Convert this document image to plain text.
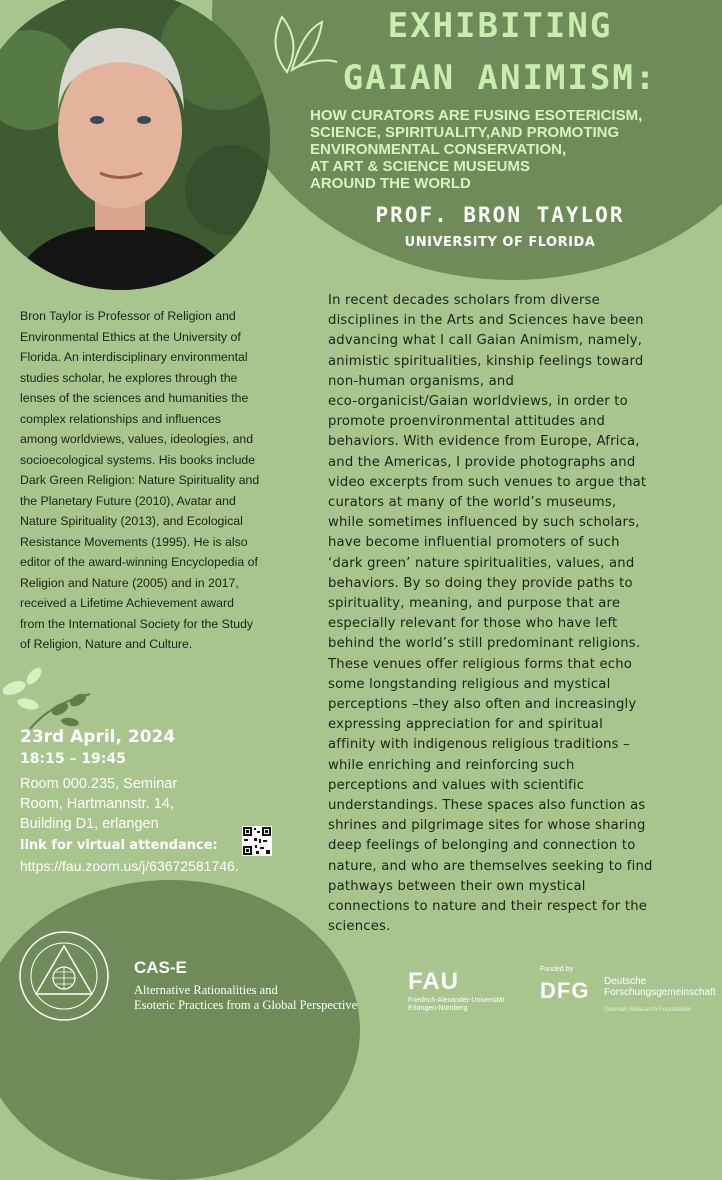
EXHIBITING
GAIAN ANIMISM:
HOW CURATORS ARE FUSING ESOTERICISM,
SCIENCE, SPIRITUALITY,AND PROMOTING
ENVIRONMENTAL CONSERVATION,
AT ART & SCIENCE MUSEUMS
AROUND THE WORLD
PROF. BRON TAYLOR
UNIVERSITY OF FLORIDA
Bron Taylor is Professor of Religion and
Environmental Ethics at the University of
Florida. An interdisciplinary environmental
studies scholar, he explores through the
lenses of the sciences and humanities the
complex relationships and influences
among worldviews, values, ideologies, and
socioecological systems. His books include
Dark Green Religion: Nature Spirituality and
the Planetary Future (2010), Avatar and
Nature Spirituality (2013), and Ecological
Resistance Movements (1995). He is also
editor of the award-winning Encyclopedia of
Religion and Nature (2005) and in 2017,
received a Lifetime Achievement award
from the International Society for the Study
of Religion, Nature and Culture.
In recent decades scholars from diverse
disciplines in the Arts and Sciences have been
advancing what I call Gaian Animism, namely,
animistic spiritualities, kinship feelings toward
non-human organisms, and
eco-organicist/Gaian worldviews, in order to
promote proenvironmental attitudes and
behaviors. With evidence from Europe, Africa,
and the Americas, I provide photographs and
video excerpts from such venues to argue that
curators at many of the world’s museums,
while sometimes influenced by such scholars,
have become influential promoters of such
‘dark green’ nature spiritualities, values, and
behaviors. By so doing they provide paths to
spirituality, meaning, and purpose that are
especially relevant for those who have left
behind the world’s still predominant religions.
These venues offer religious forms that echo
some longstanding religious and mystical
perceptions –they also often and increasingly
expressing appreciation for and spiritual
affinity with indigenous religious traditions –
while enriching and reinforcing such
perceptions and values with scientific
understandings. These spaces also function as
shrines and pilgrimage sites for whose sharing
deep feelings of belonging and connection to
nature, and who are themselves seeking to find
pathways between their own mystical
connections to nature and their respect for the
sciences.
23rd April, 2024
18:15 – 19:45
Room 000.235, Seminar
Room, Hartmannstr. 14,
Building D1, erlangen
link for virtual attendance:
https://fau.zoom.us/j/63672581746.
CAS-E
Alternative Rationalities and
Esoteric Practices from a Global Perspective
FAU
Friedrich-Alexander-Universität
Erlangen-Nürnberg
Funded by
DFG Deutsche
Forschungsgemeinschaft
German Research Foundation
